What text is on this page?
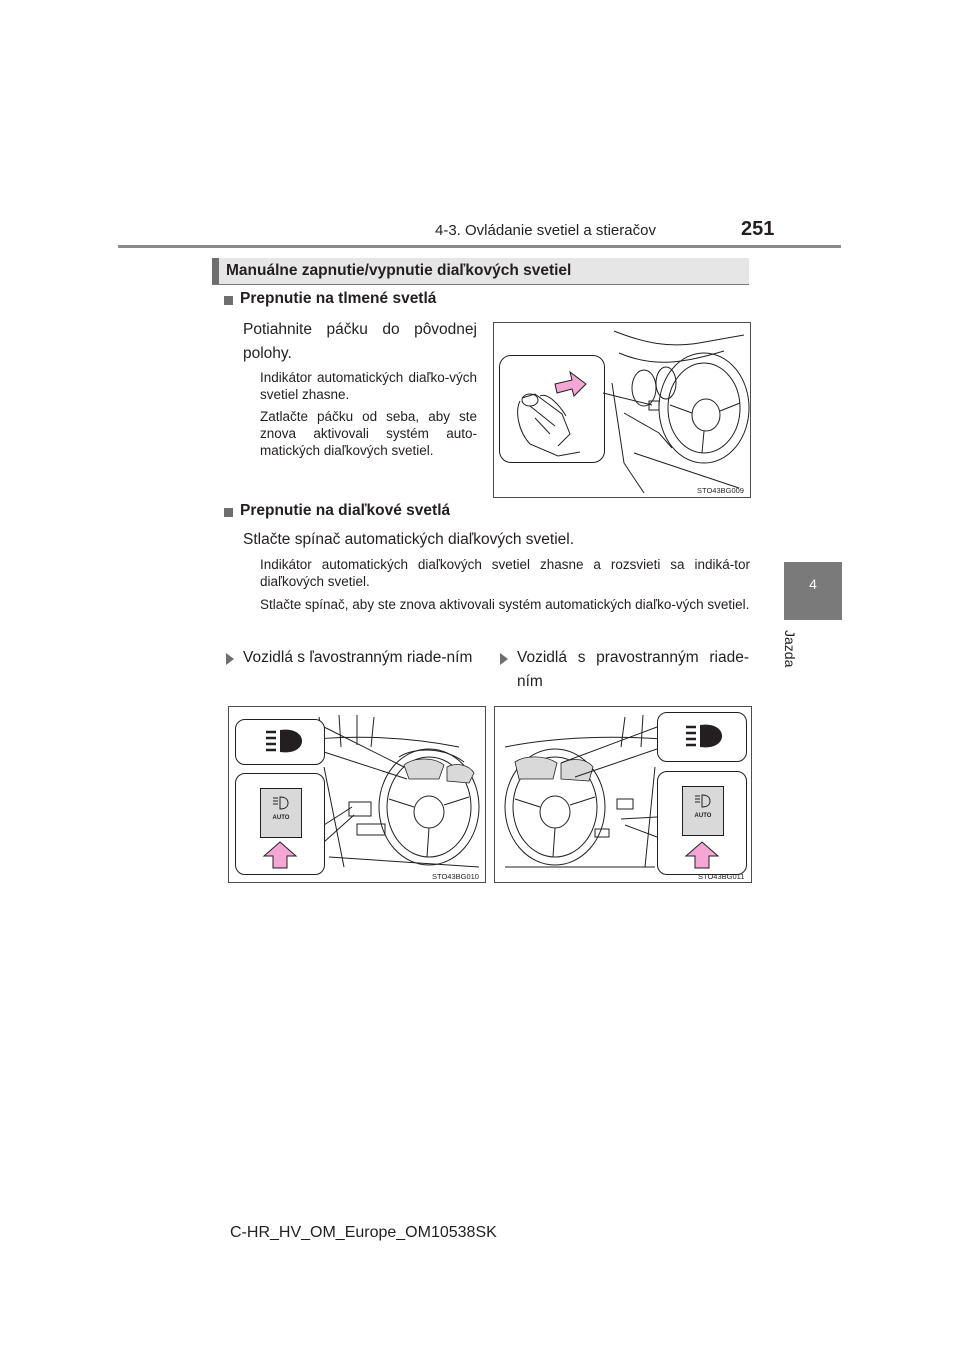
4-3. Ovládanie svetiel a stieračov	251
4
Jazda
Manuálne zapnutie/vypnutie diaľkových svetiel
Prepnutie na tlmené svetlá
Potiahnite páčku do pôvodnej polohy.
Indikátor automatických diaľko-vých svetiel zhasne.
Zatlačte páčku od seba, aby ste znova aktivovali systém auto-matických diaľkových svetiel.
STO43BG009
Prepnutie na diaľkové svetlá
Stlačte spínač automatických diaľkových svetiel.
Indikátor automatických diaľkových svetiel zhasne a rozsvieti sa indiká-tor diaľkových svetiel.
Stlačte spínač, aby ste znova aktivovali systém automatických diaľko-vých svetiel.
Vozidlá s ľavostranným riade-ním	Vozidlá s pravostranným riade-ním
AUTO
STO43BG010
AUTO
STO43BG011
C-HR_HV_OM_Europe_OM10538SK
